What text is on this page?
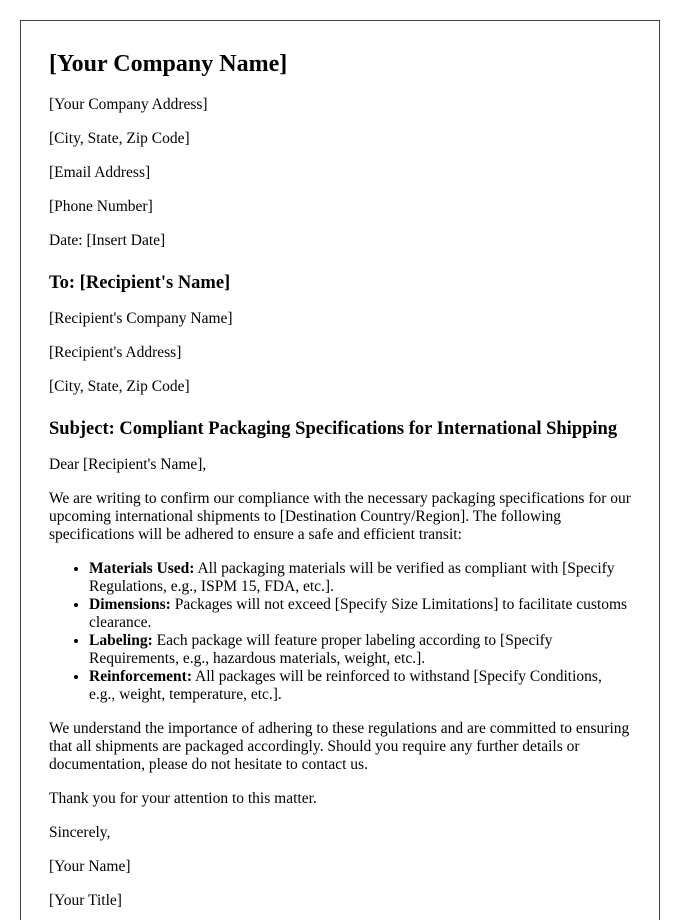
[Your Company Name]
[Your Company Address]
[City, State, Zip Code]
[Email Address]
[Phone Number]
Date: [Insert Date]
To: [Recipient's Name]
[Recipient's Company Name]
[Recipient's Address]
[City, State, Zip Code]
Subject: Compliant Packaging Specifications for International Shipping
Dear [Recipient's Name],
We are writing to confirm our compliance with the necessary packaging specifications for our upcoming international shipments to [Destination Country/Region]. The following specifications will be adhered to ensure a safe and efficient transit:
• Materials Used: All packaging materials will be verified as compliant with [Specify Regulations, e.g., ISPM 15, FDA, etc.].
• Dimensions: Packages will not exceed [Specify Size Limitations] to facilitate customs clearance.
• Labeling: Each package will feature proper labeling according to [Specify Requirements, e.g., hazardous materials, weight, etc.].
• Reinforcement: All packages will be reinforced to withstand [Specify Conditions, e.g., weight, temperature, etc.].
We understand the importance of adhering to these regulations and are committed to ensuring that all shipments are packaged accordingly. Should you require any further details or documentation, please do not hesitate to contact us.
Thank you for your attention to this matter.
Sincerely,
[Your Name]
[Your Title]
